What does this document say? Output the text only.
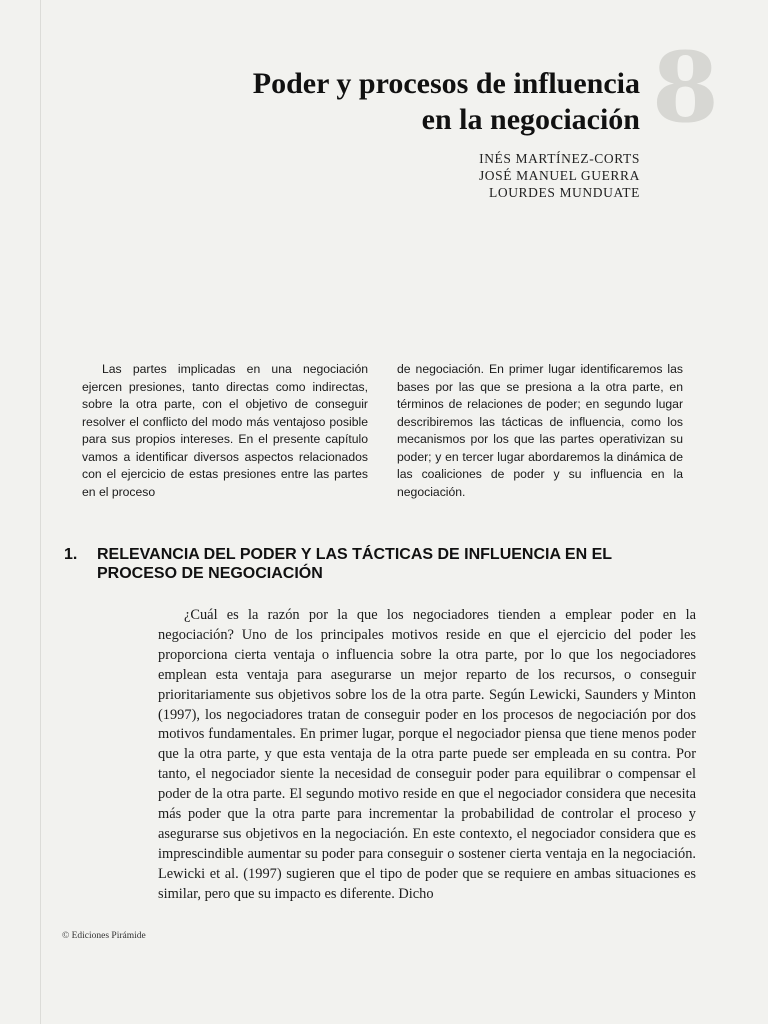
8
Poder y procesos de influencia
en la negociación
INÉS MARTÍNEZ-CORTS
JOSÉ MANUEL GUERRA
LOURDES MUNDUATE

Las partes implicadas en una negociación ejercen presiones, tanto directas como indirectas, sobre la otra parte, con el objetivo de conseguir resolver el conflicto del modo más ventajoso posible para sus propios intereses. En el presente capítulo vamos a identificar diversos aspectos relacionados con el ejercicio de estas presiones entre las partes en el proceso

de negociación. En primer lugar identificaremos las bases por las que se presiona a la otra parte, en términos de relaciones de poder; en segundo lugar describiremos las tácticas de influencia, como los mecanismos por los que las partes operativizan su poder; y en tercer lugar abordaremos la dinámica de las coaliciones de poder y su influencia en la negociación.

1. RELEVANCIA DEL PODER Y LAS TÁCTICAS DE INFLUENCIA EN EL PROCESO DE NEGOCIACIÓN

¿Cuál es la razón por la que los negociadores tienden a emplear poder en la negociación? Uno de los principales motivos reside en que el ejercicio del poder les proporciona cierta ventaja o influencia sobre la otra parte, por lo que los negociadores emplean esta ventaja para asegurarse un mejor reparto de los recursos, o conseguir prioritariamente sus objetivos sobre los de la otra parte. Según Lewicki, Saunders y Minton (1997), los negociadores tratan de conseguir poder en los procesos de negociación por dos motivos fundamentales. En primer lugar, porque el negociador piensa que tiene menos poder que la otra parte, y que esta ventaja de la otra parte puede ser empleada en su contra. Por tanto, el negociador siente la necesidad de conseguir poder para equilibrar o compensar el poder de la otra parte. El segundo motivo reside en que el negociador considera que necesita más poder que la otra parte para incrementar la probabilidad de controlar el proceso y asegurarse sus objetivos en la negociación. En este contexto, el negociador considera que es imprescindible aumentar su poder para conseguir o sostener cierta ventaja en la negociación. Lewicki et al. (1997) sugieren que el tipo de poder que se requiere en ambas situaciones es similar, pero que su impacto es diferente. Dicho

© Ediciones Pirámide
